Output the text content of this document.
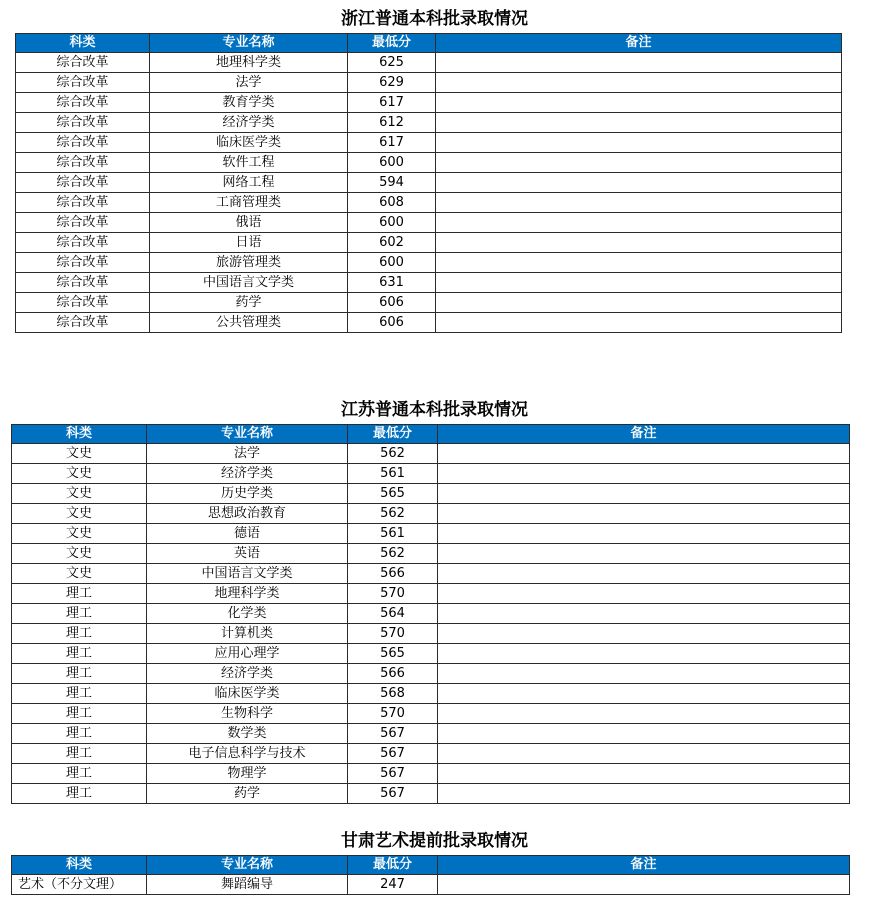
浙江普通本科批录取情况
科类	专业名称	最低分	备注
综合改革	地理科学类	625	
综合改革	法学	629	
综合改革	教育学类	617	
综合改革	经济学类	612	
综合改革	临床医学类	617	
综合改革	软件工程	600	
综合改革	网络工程	594	
综合改革	工商管理类	608	
综合改革	俄语	600	
综合改革	日语	602	
综合改革	旅游管理类	600	
综合改革	中国语言文学类	631	
综合改革	药学	606	
综合改革	公共管理类	606	
江苏普通本科批录取情况
科类	专业名称	最低分	备注
文史	法学	562	
文史	经济学类	561	
文史	历史学类	565	
文史	思想政治教育	562	
文史	德语	561	
文史	英语	562	
文史	中国语言文学类	566	
理工	地理科学类	570	
理工	化学类	564	
理工	计算机类	570	
理工	应用心理学	565	
理工	经济学类	566	
理工	临床医学类	568	
理工	生物科学	570	
理工	数学类	567	
理工	电子信息科学与技术	567	
理工	物理学	567	
理工	药学	567	
甘肃艺术提前批录取情况
科类	专业名称	最低分	备注
艺术（不分文理）	舞蹈编导	247	
